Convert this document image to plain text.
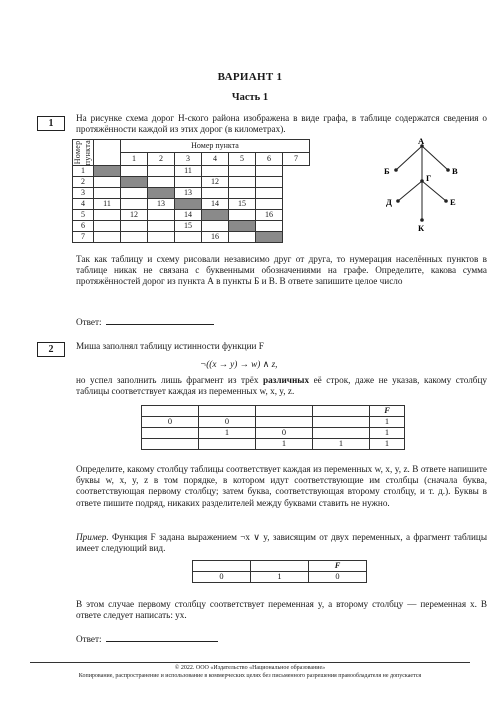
ВАРИАНТ 1
Часть 1
1	На рисунке схема дорог Н-ского района изображена в виде графа, в таблице содержатся сведения о протяжённости каждой из этих дорог (в километрах).
Номер пункта		Номер пункта						
		1	2	3	4	5	6	7
1				11				
2					12			
3				13				
4	11		13		14	15		
5		12		14			16	
6				15				
7					16			
А
Б	В
Г
Д	Е
К
Так как таблицу и схему рисовали независимо друг от друга, то нумерация населённых пунктов в таблице никак не связана с буквенными обозначениями на графе. Определите, какова сумма протяжённостей дорог из пункта А в пункты Б и В. В ответе запишите целое число
Ответ:
2	Миша заполнял таблицу истинности функции F
¬((x → y) → w) ∧ z,
но успел заполнить лишь фрагмент из трёх различных её строк, даже не указав, какому столбцу таблицы соответствует каждая из переменных w, x, y, z.
				F
0	0			1
	1	0		1
		1	1	1
Определите, какому столбцу таблицы соответствует каждая из переменных w, x, y, z. В ответе напишите буквы w, x, y, z в том порядке, в котором идут соответствующие им столбцы (сначала буква, соответствующая первому столбцу; затем буква, соответствующая второму столбцу, и т. д.). Буквы в ответе пишите подряд, никаких разделителей между буквами ставить не нужно.
Пример. Функция F задана выражением ¬x ∨ y, зависящим от двух переменных, а фрагмент таблицы имеет следующий вид.
		F
0	1	0
В этом случае первому столбцу соответствует переменная y, а второму столбцу — переменная x. В ответе следует написать: yx.
Ответ:
© 2022. ООО «Издательство «Национальное образование»
Копирование, распространение и использование в коммерческих целях без письменного разрешения правообладателя не допускается
